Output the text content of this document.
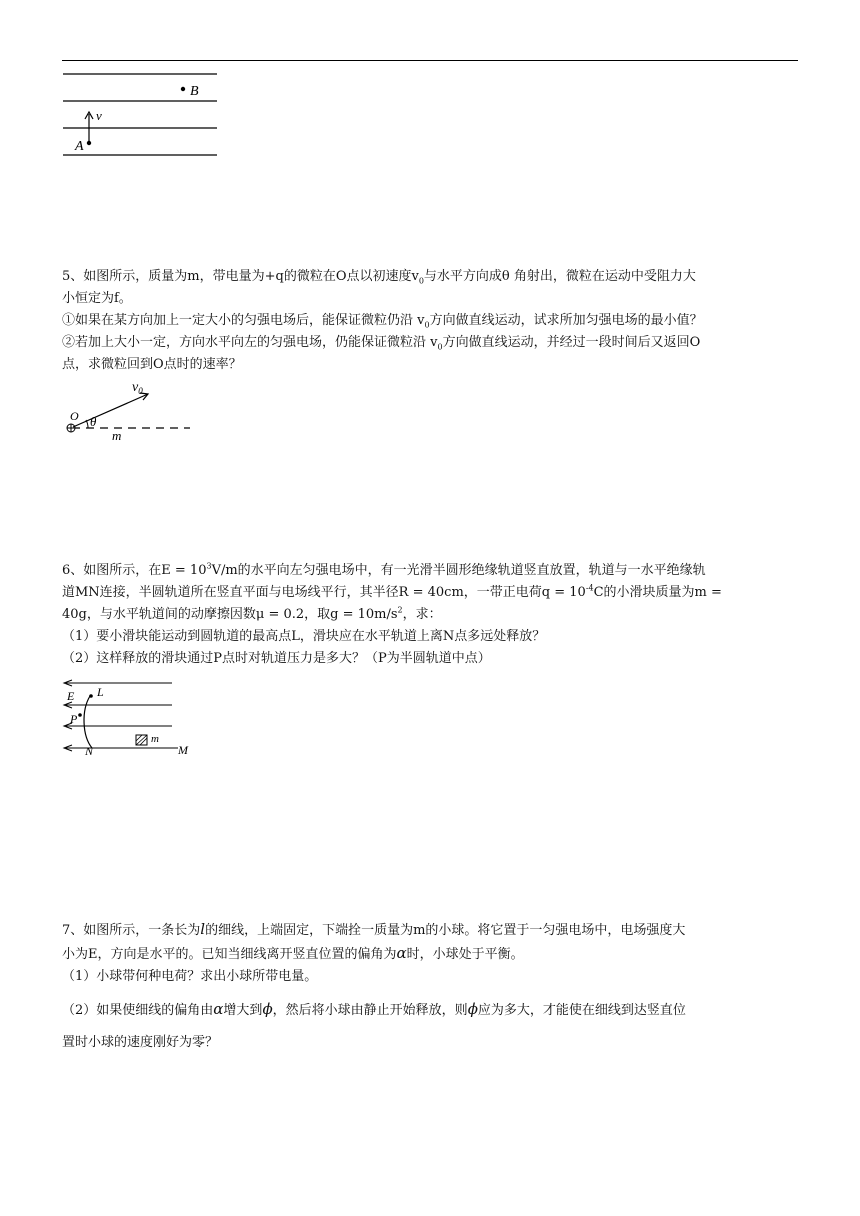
B
A
v

5、如图所示，质量为m，带电量为+q的微粒在O点以初速度$v_0$与水平方向成θ 角射出，微粒在运动中受阻力大

小恒定为f。

①如果在某方向加上一定大小的匀强电场后，能保证微粒仍沿 $v_0$方向做直线运动，试求所加匀强电场的最小值？

②若加上大小一定，方向水平向左的匀强电场，仍能保证微粒沿 $v_0$方向做直线运动，并经过一段时间后又返回O

点，求微粒回到O点时的速率？

$v_0$
O θ
m

6、如图所示，在$E = 10^3V/m$的水平向左匀强电场中，有一光滑半圆形绝缘轨道竖直放置，轨道与一水平绝缘轨

道MN连接，半圆轨道所在竖直平面与电场线平行，其半径R = 40cm，一带正电荷$q = 10^{-4}C$的小滑块质量为m =

40g，与水平轨道间的动摩擦因数μ = 0.2，取$g = 10m/s^2$，求：

（1）要小滑块能运动到圆轨道的最高点L，滑块应在水平轨道上离N点多远处释放？

（2）这样释放的滑块通过P点时对轨道压力是多大？（P为半圆轨道中点）

E L
P
N
m
M

7、如图所示，一条长为l的细线，上端固定，下端拴一质量为m的小球。将它置于一匀强电场中，电场强度大

小为E，方向是水平的。已知当细线离开竖直位置的偏角为α时，小球处于平衡。

（1）小球带何种电荷？求出小球所带电量。

（2）如果使细线的偏角由α增大到ϕ，然后将小球由静止开始释放，则ϕ应为多大，才能使在细线到达竖直位

置时小球的速度刚好为零？
